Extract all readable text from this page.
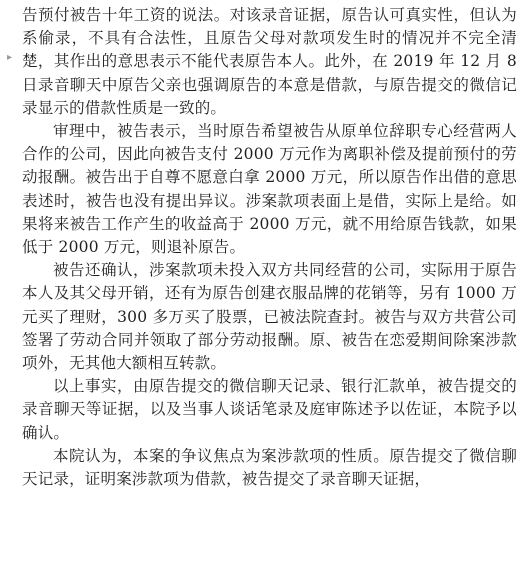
▸

告预付被告十年工资的说法。对该录音证据，原告认可真实性，但认为系偷录，不具有合法性，且原告父母对款项发生时的情况并不完全清楚，其作出的意思表示不能代表原告本人。此外，在 2019 年 12 月 8 日录音聊天中原告父亲也强调原告的本意是借款，与原告提交的微信记录显示的借款性质是一致的。

审理中，被告表示，当时原告希望被告从原单位辞职专心经营两人合作的公司，因此向被告支付 2000 万元作为离职补偿及提前预付的劳动报酬。被告出于自尊不愿意白拿 2000 万元，所以原告作出借的意思表述时，被告也没有提出异议。涉案款项表面上是借，实际上是给。如果将来被告工作产生的收益高于 2000 万元，就不用给原告钱款，如果低于 2000 万元，则退补原告。

被告还确认，涉案款项未投入双方共同经营的公司，实际用于原告本人及其父母开销，还有为原告创建衣服品牌的花销等，另有 1000 万元买了理财，300 多万买了股票，已被法院查封。被告与双方共营公司签署了劳动合同并领取了部分劳动报酬。原、被告在恋爱期间除案涉款项外，无其他大额相互转款。

以上事实，由原告提交的微信聊天记录、银行汇款单，被告提交的录音聊天等证据，以及当事人谈话笔录及庭审陈述予以佐证，本院予以确认。

本院认为，本案的争议焦点为案涉款项的性质。原告提交了微信聊天记录，证明案涉款项为借款，被告提交了录音聊天证据，
